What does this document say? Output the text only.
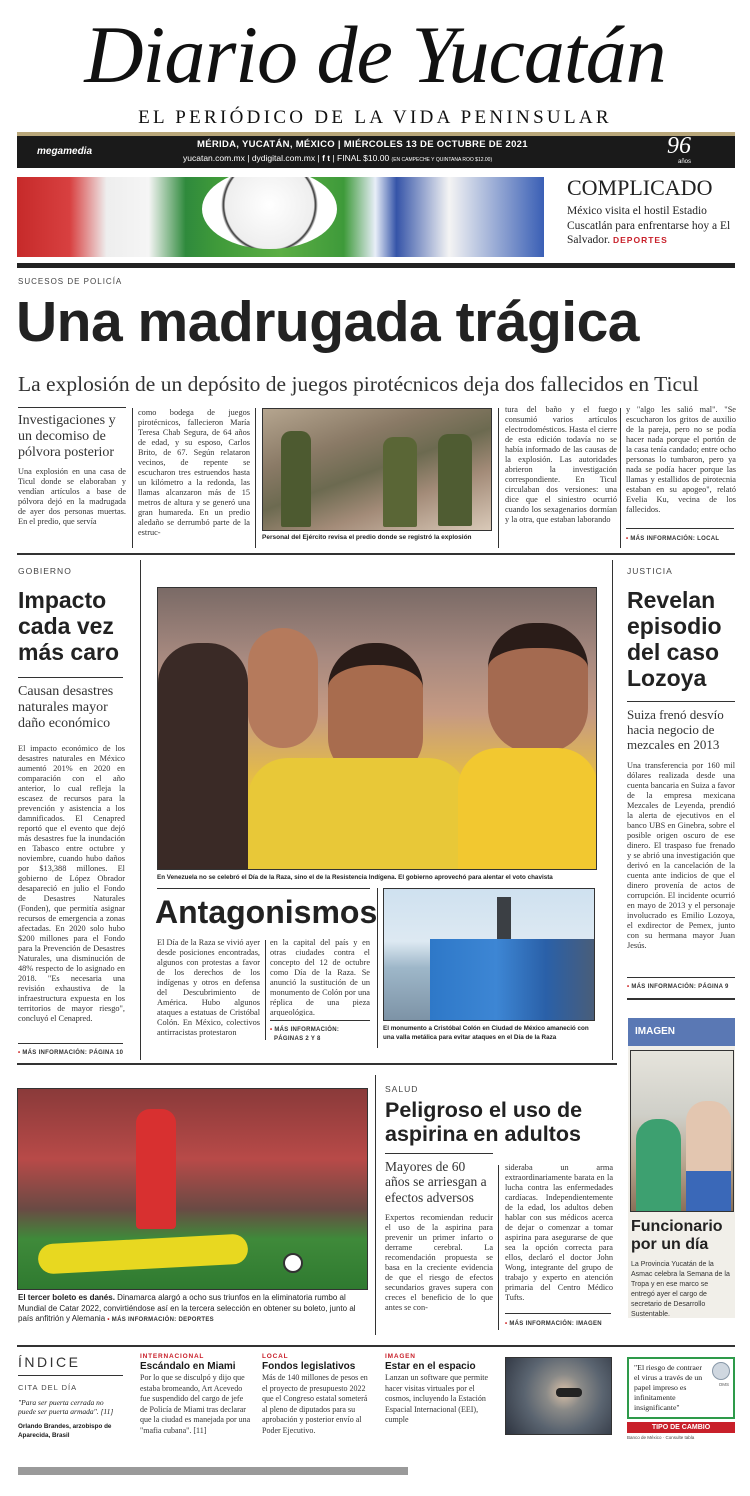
Diario de Yucatán
EL PERIÓDICO DE LA VIDA PENINSULAR
megamedia
MÉRIDA, YUCATÁN, MÉXICO | MIÉRCOLES 13 DE OCTUBRE DE 2021
yucatan.com.mx | dydigital.com.mx | f t | FINAL $10.00 (EN CAMPECHE Y QUINTANA ROO $12.00)
96
años
COMPLICADO
México visita el hostil Estadio Cuscatlán para enfrentarse hoy a El Salvador. DEPORTES
SUCESOS DE POLICÍA
Una madrugada trágica
La explosión de un depósito de juegos pirotécnicos deja dos fallecidos en Ticul
Investigaciones y un decomiso de pólvora posterior
Una explosión en una casa de Ticul donde se elaboraban y vendían artículos a base de pólvora dejó en la madrugada de ayer dos personas muertas. En el predio, que servía
como bodega de juegos pirotécnicos, fallecieron María Teresa Chab Segura, de 64 años de edad, y su esposo, Carlos Brito, de 67. Según relataron vecinos, de repente se escucharon tres estruendos hasta un kilómetro a la redonda, las llamas alcanzaron más de 15 metros de altura y se generó una gran humareda. En un predio aledaño se derrumbó parte de la estruc-
Personal del Ejército revisa el predio donde se registró la explosión
tura del baño y el fuego consumió varios artículos electrodomésticos. Hasta el cierre de esta edición todavía no se había informado de las causas de la explosión. Las autoridades abrieron la investigación correspondiente. En Ticul circulaban dos versiones: una dice que el siniestro ocurrió cuando los sexagenarios dormían y la otra, que estaban laborando
y "algo les salió mal". "Se escucharon los gritos de auxilio de la pareja, pero no se podía hacer nada porque el portón de la casa tenía candado; entre ocho personas lo tumbaron, pero ya nada se podía hacer porque las llamas y estallidos de pirotecnia estaban en su apogeo", relató Evelia Ku, vecina de los fallecidos.
• MÁS INFORMACIÓN: LOCAL
GOBIERNO
Impacto cada vez más caro
Causan desastres naturales mayor daño económico
El impacto económico de los desastres naturales en México aumentó 201% en 2020 en comparación con el año anterior, lo cual refleja la escasez de recursos para la prevención y asistencia a los damnificados. El Cenapred reportó que el evento que dejó más desastres fue la inundación en Tabasco entre octubre y noviembre, cuando hubo daños por $13,388 millones. El gobierno de López Obrador desapareció en julio el Fondo de Desastres Naturales (Fonden), que permitía asignar recursos de emergencia a zonas afectadas. En 2020 solo hubo $200 millones para el Fondo para la Prevención de Desastres Naturales, una disminución de 48% respecto de lo asignado en 2018. "Es necesaria una revisión exhaustiva de la infraestructura expuesta en los territorios de mayor riesgo", concluyó el Cenapred.
• MÁS INFORMACIÓN: PÁGINA 10
En Venezuela no se celebró el Día de la Raza, sino el de la Resistencia Indígena. El gobierno aprovechó para alentar el voto chavista
Antagonismos
El Día de la Raza se vivió ayer desde posiciones encontradas, algunos con protestas a favor de los derechos de los indígenas y otros en defensa del Descubrimiento de América. Hubo algunos ataques a estatuas de Cristóbal Colón. En México, colectivos antirracistas protestaron
en la capital del país y en otras ciudades contra el concepto del 12 de octubre como Día de la Raza. Se anunció la sustitución de un monumento de Colón por una réplica de una pieza arqueológica.
• MÁS INFORMACIÓN:
PÁGINAS 2 Y 8
El monumento a Cristóbal Colón en Ciudad de México amaneció con una valla metálica para evitar ataques en el Día de la Raza
JUSTICIA
Revelan episodio del caso Lozoya
Suiza frenó desvío hacia negocio de mezcales en 2013
Una transferencia por 160 mil dólares realizada desde una cuenta bancaria en Suiza a favor de la empresa mexicana Mezcales de Leyenda, prendió la alerta de ejecutivos en el banco UBS en Ginebra, sobre el posible origen oscuro de ese dinero. El traspaso fue frenado y se abrió una investigación que derivó en la cancelación de la cuenta ante indicios de que el dinero provenía de actos de corrupción. El incidente ocurrió en mayo de 2013 y el personaje involucrado es Emilio Lozoya, el exdirector de Pemex, junto con su hermana mayor Juan Jesús.
• MÁS INFORMACIÓN: PÁGINA 9
El tercer boleto es danés. Dinamarca alargó a ocho sus triunfos en la eliminatoria rumbo al Mundial de Catar 2022, convirtiéndose así en la tercera selección en obtener su boleto, junto al país anfitrión y Alemania • MÁS INFORMACIÓN: DEPORTES
SALUD
Peligroso el uso de aspirina en adultos
Mayores de 60 años se arriesgan a efectos adversos
Expertos recomiendan reducir el uso de la aspirina para prevenir un primer infarto o derrame cerebral. La recomendación propuesta se basa en la creciente evidencia de que el riesgo de efectos secundarios graves supera con creces el beneficio de lo que antes se con-
sideraba un arma extraordinariamente barata en la lucha contra las enfermedades cardíacas. Independientemente de la edad, los adultos deben hablar con sus médicos acerca de dejar o comenzar a tomar aspirina para asegurarse de que sea la opción correcta para ellos, declaró el doctor John Wong, integrante del grupo de trabajo y experto en atención primaria del Centro Médico Tufts.
• MÁS INFORMACIÓN: IMAGEN
IMAGEN
Funcionario por un día
La Provincia Yucatán de la Asmac celebra la Semana de la Tropa y en ese marco se entregó ayer el cargo de secretario de Desarrollo Sustentable.
ÍNDICE
CITA DEL DÍA
"Para ser puerta cerrada no puede ser puerta armada". [11]
Orlando Brandes, arzobispo de Aparecida, Brasil
INTERNACIONAL
Escándalo en Miami
Por lo que se disculpó y dijo que estaba bromeando, Art Acevedo fue suspendido del cargo de jefe de Policía de Miami tras declarar que la ciudad es manejada por una "mafia cubana". [11]
LOCAL
Fondos legislativos
Más de 140 millones de pesos en el proyecto de presupuesto 2022 que el Congreso estatal someterá al pleno de diputados para su aprobación y posterior envío al Poder Ejecutivo.
IMAGEN
Estar en el espacio
Lanzan un software que permite hacer visitas virtuales por el cosmos, incluyendo la Estación Espacial Internacional (EEI), cumple
"El riesgo de contraer el virus a través de un papel impreso es infinitamente insignificante"
OMS
TIPO DE CAMBIO
Banco de México · Consulte tabla
